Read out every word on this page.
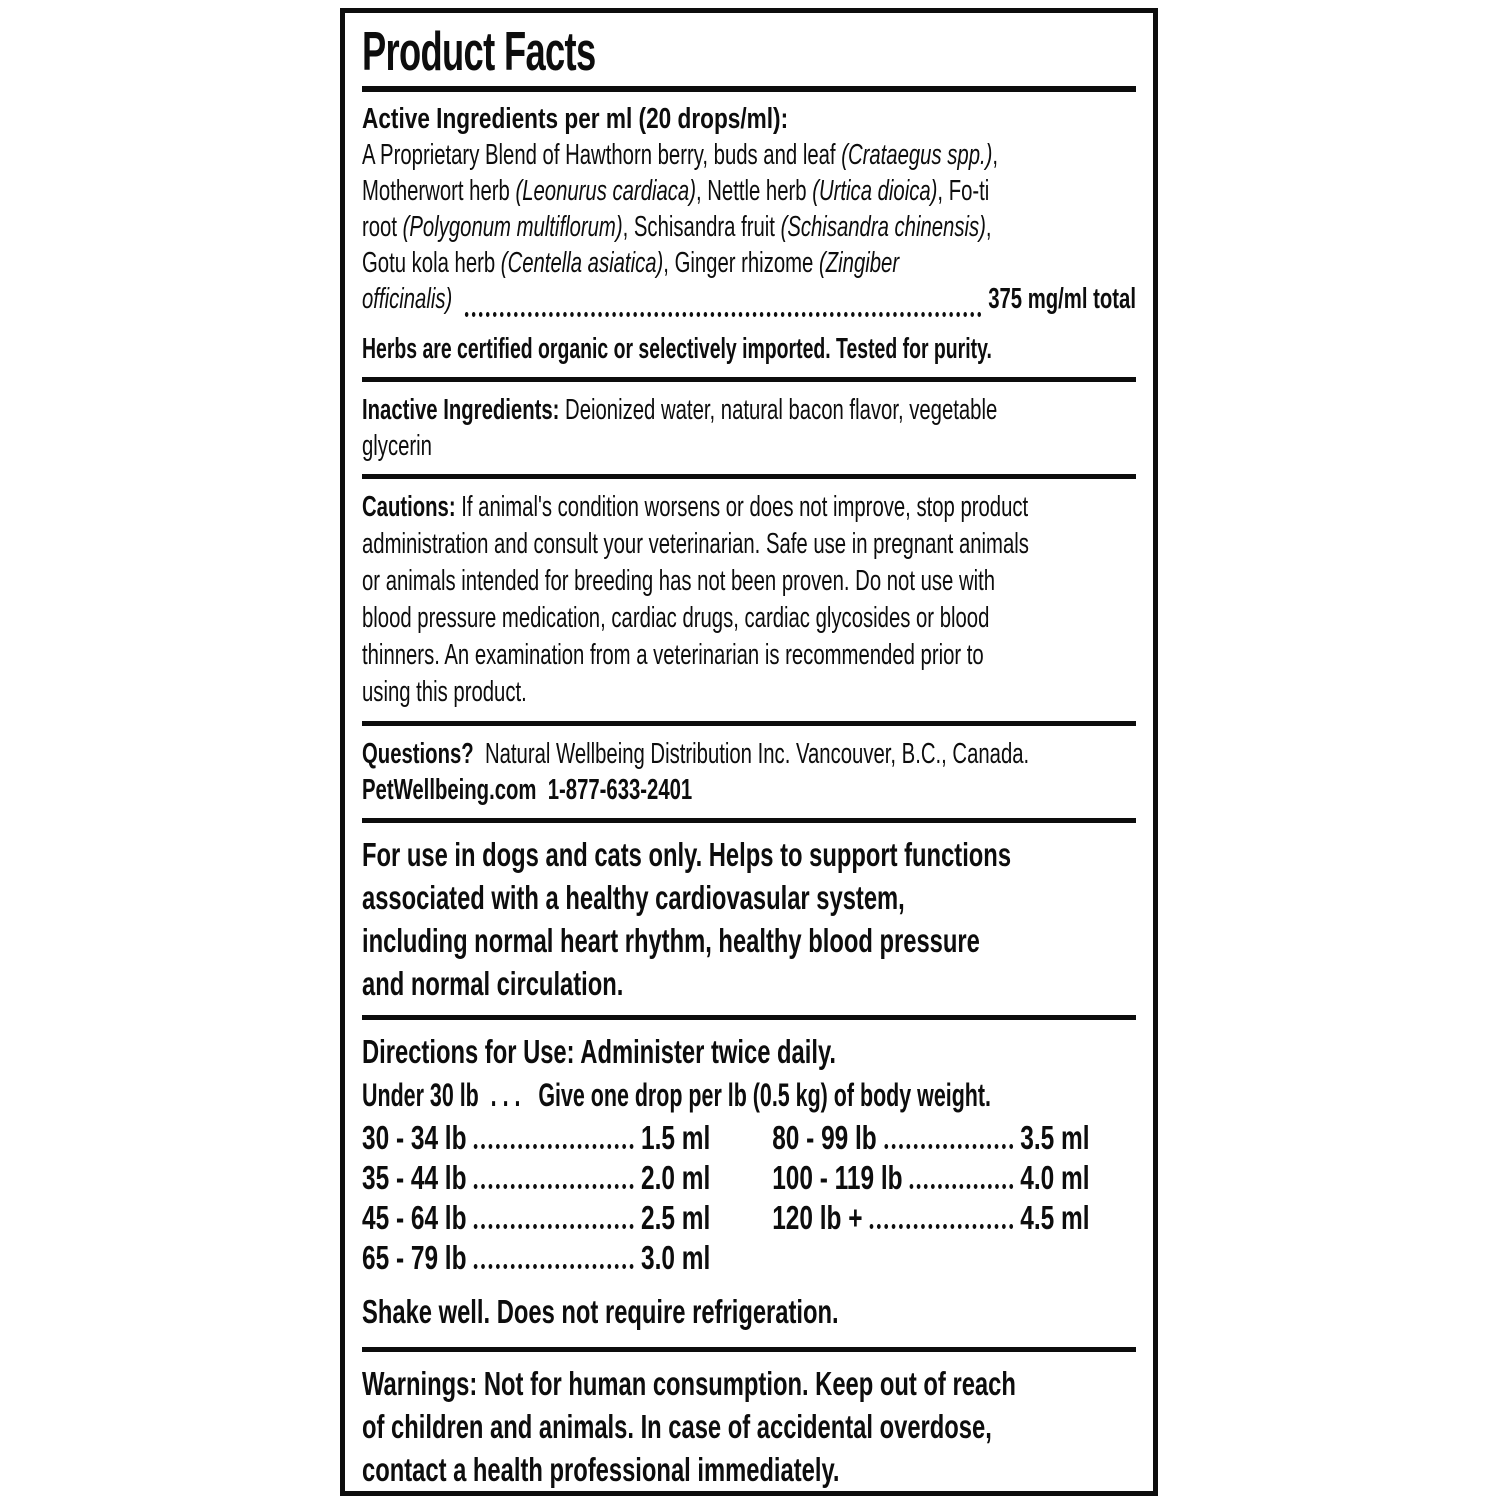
Product Facts
Active Ingredients per ml (20 drops/ml):
A Proprietary Blend of Hawthorn berry, buds and leaf (Crataegus spp.) ,
Motherwort herb (Leonurus cardiaca) , Nettle herb (Urtica dioica) , Fo-ti
root (Polygonum multiflorum) , Schisandra fruit (Schisandra chinensis) ,
Gotu kola herb (Centella asiatica) , Ginger rhizome (Zingiber
officinalis)
	375 mg/ml total
Herbs are certified organic or selectively imported. Tested for purity.
Inactive Ingredients: Deionized water, natural bacon flavor, vegetable
glycerin
Cautions: If animal's condition worsens or does not improve, stop product
administration and consult your veterinarian. Safe use in pregnant animals
or animals intended for breeding has not been proven. Do not use with
blood pressure medication, cardiac drugs, cardiac glycosides or blood
thinners. An examination from a veterinarian is recommended prior to
using this product.
Questions? Natural Wellbeing Distribution Inc. Vancouver, B.C., Canada.
PetWellbeing.com  1-877-633-2401
For use in dogs and cats only. Helps to support functions
associated with a healthy cardiovasular system,
including normal heart rhythm, healthy blood pressure
and normal circulation.
Directions for Use: Administer twice daily.
Under 30 lb  . . .   Give one drop per lb (0.5 kg) of body weight.
30 - 34 lb	1.5 ml 80 - 99 lb	3.5 ml
35 - 44 lb	2.0 ml 100 - 119 lb	4.0 ml
45 - 64 lb	2.5 ml 120 lb +	4.5 ml
65 - 79 lb	3.0 ml
Shake well. Does not require refrigeration.
Warnings: Not for human consumption. Keep out of reach
of children and animals. In case of accidental overdose,
contact a health professional immediately.
